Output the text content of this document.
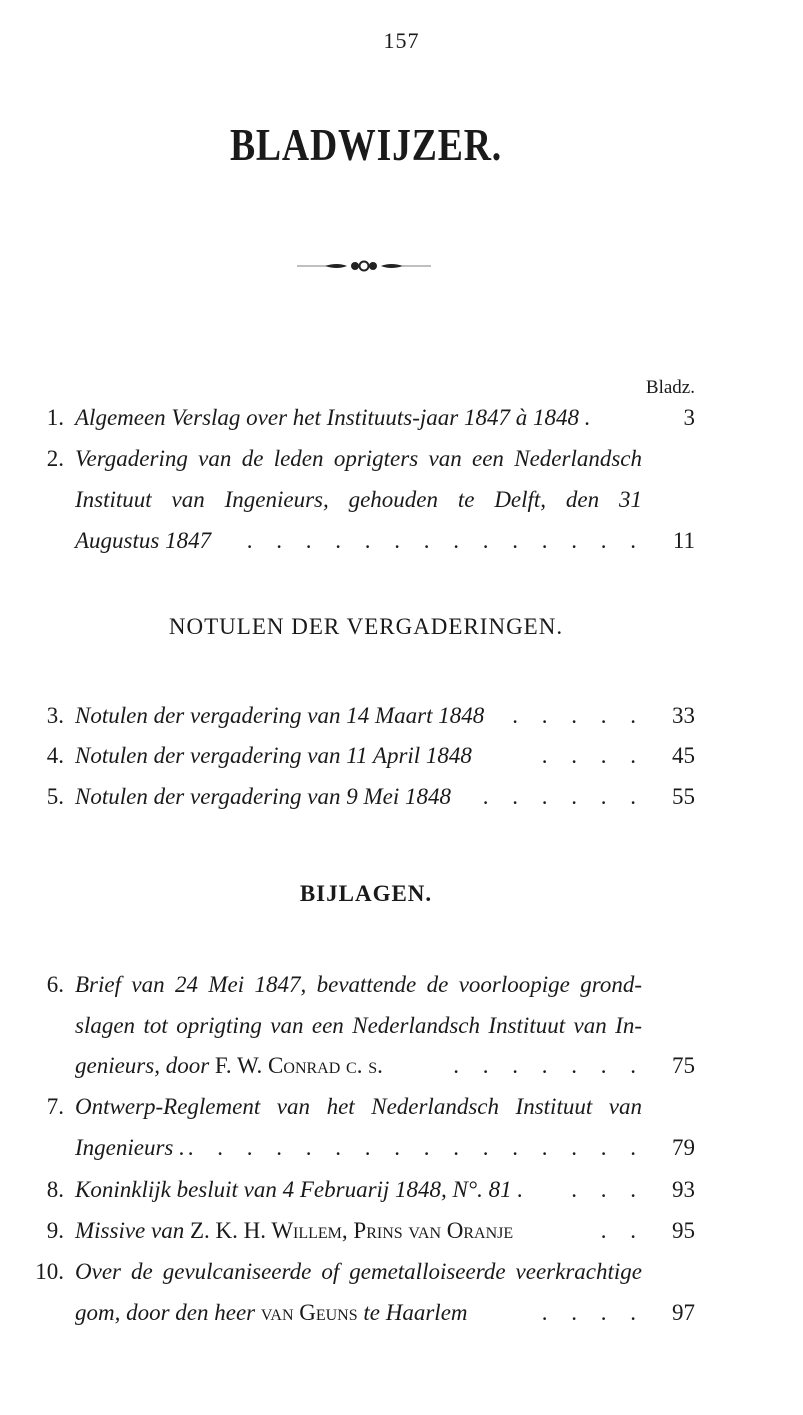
157
BLADWIJZER.
Bladz.
1. Algemeen Verslag over het Instituuts-jaar 1847 à 1848 .	3
2. Vergadering van de leden oprigters van een Nederlandsch
Instituut van Ingenieurs, gehouden te Delft, den 31
Augustus 1847 . . . . . . . . . . . . . .	11
NOTULEN DER VERGADERINGEN.
3. Notulen der vergadering van 14 Maart 1848 . . . . .	33
4. Notulen der vergadering van 11 April 1848	. . . .	45
5. Notulen der vergadering van 9 Mei 1848 . . . . . .	55
BIJLAGEN.
6. Brief van 24 Mei 1847, bevattende de voorloopige grond-
slagen tot oprigting van een Nederlandsch Instituut van In-
genieurs, door F. W. Conrad c. s.	. . . . . . .	75
7. Ontwerp-Reglement van het Nederlandsch Instituut van
Ingenieurs . . . . . . . . . . . . . . . . .	79
8. Koninklijk besluit van 4 Februarij 1848, N°. 81 . . . .	93
9. Missive van Z. K. H. Willem, Prins van Oranje	. .	95
10. Over de gevulcaniseerde of gemetalloiseerde veerkrachtige
gom, door den heer van Geuns te Haarlem	. . . .	97
